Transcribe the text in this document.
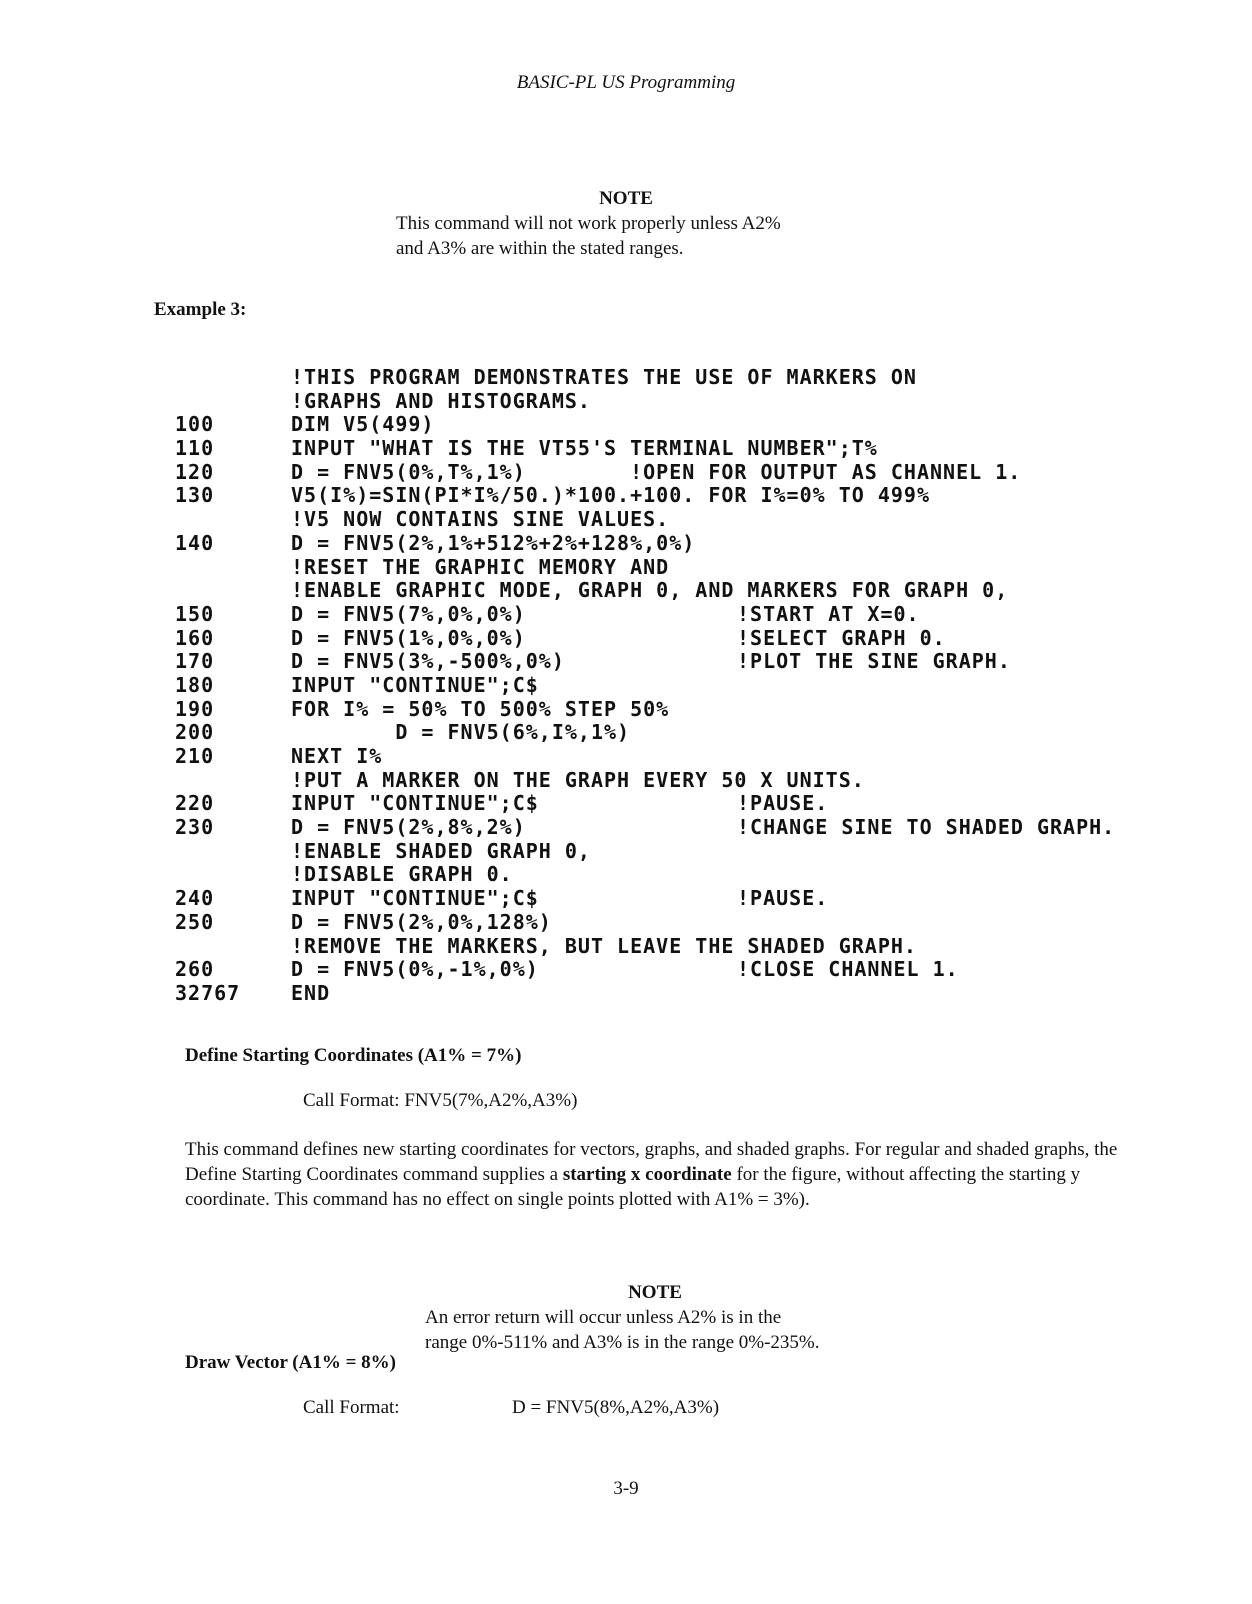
BASIC-PL US Programming
NOTE
This command will not work properly unless A2%
and A3% are within the stated ranges.
Example 3:
!THIS PROGRAM DEMONSTRATES THE USE OF MARKERS ON
!GRAPHS AND HISTOGRAMS.
100	DIM V5(499)
110	INPUT "WHAT IS THE VT55'S TERMINAL NUMBER";T%
120	D = FNV5(0%,T%,1%)        !OPEN FOR OUTPUT AS CHANNEL 1.
130	V5(I%)=SIN(PI*I%/50.)*100.+100. FOR I%=0% TO 499%
!V5 NOW CONTAINS SINE VALUES.
140	D = FNV5(2%,1%+512%+2%+128%,0%)
!RESET THE GRAPHIC MEMORY AND
!ENABLE GRAPHIC MODE, GRAPH 0, AND MARKERS FOR GRAPH 0,
150	D = FNV5(7%,0%,0%)	!START AT X=0.
160	D = FNV5(1%,0%,0%)	!SELECT GRAPH 0.
170	D = FNV5(3%,-500%,0%)	!PLOT THE SINE GRAPH.
180	INPUT "CONTINUE";C$
190	FOR I% = 50% TO 500% STEP 50%
200	D = FNV5(6%,I%,1%)
210	NEXT I%
!PUT A MARKER ON THE GRAPH EVERY 50 X UNITS.
220	INPUT "CONTINUE";C$	!PAUSE.
230	D = FNV5(2%,8%,2%)	!CHANGE SINE TO SHADED GRAPH.
!ENABLE SHADED GRAPH 0,
!DISABLE GRAPH 0.
240	INPUT "CONTINUE";C$	!PAUSE.
250	D = FNV5(2%,0%,128%)
!REMOVE THE MARKERS, BUT LEAVE THE SHADED GRAPH.
260	D = FNV5(0%,-1%,0%)	!CLOSE CHANNEL 1.
32767	END
Define Starting Coordinates (A1% = 7%)
Call Format: FNV5(7%,A2%,A3%)
This command defines new starting coordinates for vectors, graphs, and shaded graphs. For regular and shaded graphs, the Define Starting Coordinates command supplies a starting x coordinate for the figure, without affecting the starting y coordinate. This command has no effect on single points plotted with A1% = 3%).
NOTE
An error return will occur unless A2% is in the
range 0%-511% and A3% is in the range 0%-235%.
Draw Vector (A1% = 8%)
Call Format:	D = FNV5(8%,A2%,A3%)
3-9
